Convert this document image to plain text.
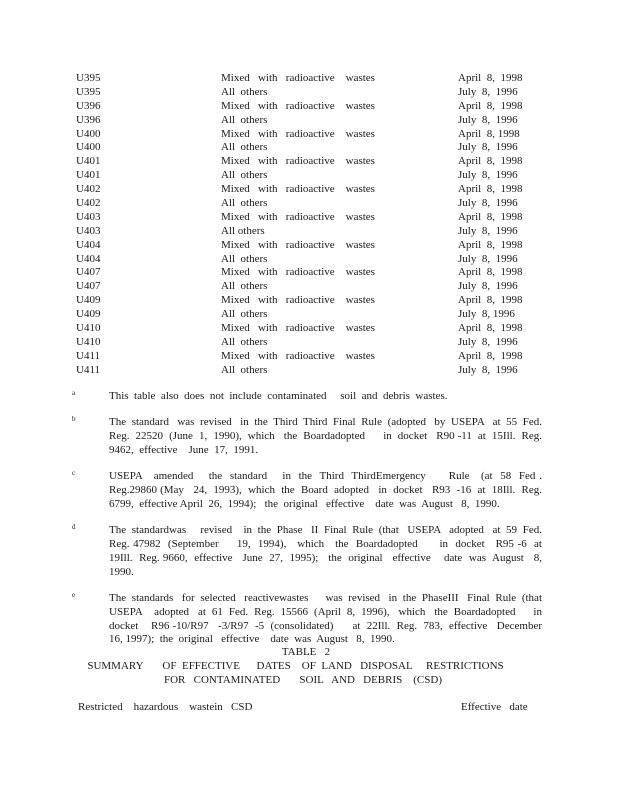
U395	Mixed   with   radioactive    wastes	April  8,  1998
U395	All  others	July  8,  1996
U396	Mixed   with   radioactive    wastes	April  8,  1998
U396	All  others	July  8,  1996
U400	Mixed   with   radioactive    wastes	April  8, 1998
U400	All  others	July  8,  1996
U401	Mixed   with   radioactive    wastes	April  8,  1998
U401	All  others	July  8,  1996
U402	Mixed   with   radioactive    wastes	April  8,  1998
U402	All  others	July  8,  1996
U403	Mixed   with   radioactive    wastes	April  8,  1998
U403	All others	July  8,  1996
U404	Mixed   with   radioactive    wastes	April  8,  1998
U404	All  others	July  8,  1996
U407	Mixed   with   radioactive    wastes	April  8,  1998
U407	All  others	July  8,  1996
U409	Mixed   with   radioactive    wastes	April  8,  1998
U409	All  others	July  8, 1996
U410	Mixed   with   radioactive    wastes	April  8,  1998
U410	All  others	July  8,  1996
U411	Mixed   with   radioactive    wastes	April  8,  1998
U411	All  others	July  8,  1996
a	This  table  also  does  not  include  contaminated     soil  and  debris  wastes.
b	The  standard   was  revised   in  the  Third  Third  Final  Rule  (adopted   by  USEPA   at  55  Fed. Reg.  22520  (June  1,  1990),  which   the  Boardadopted      in  docket   R90 -11  at  15Ill.  Reg. 9462,  effective    June  17,  1991.
c	USEPA   amended    the  standard    in  the  Third  ThirdEmergency      Rule   (at  58  Fed . Reg.29860 (May   24,  1993),  which  the  Board  adopted   in  docket   R93  -16  at  18Ill.  Reg.  6799,  effective April  26,  1994);   the  original   effective    date  was  August   8,  1990.
d	The  standardwas     revised    in  the  Phase   II  Final  Rule  (that   USEPA   adopted   at  59  Fed.  Reg. 47982  (September     19,  1994),   which   the  Boardadopted      in  docket   R95 -6  at  19Ill.  Reg. 9660,  effective   June  27,  1995);   the  original   effective    date  was  August   8,  1990.
e	The  standards   for  selected   reactivewastes      was  revised   in  the  PhaseIII   Final  Rule  (that USEPA    adopted   at  61  Fed.  Reg.  15566  (April  8,  1996),   which   the  Boardadopted      in docket    R96 -10/R97   -3/R97  -5  (consolidated)      at  22Ill.  Reg.  783,  effective   December      16, 1997);  the  original   effective    date  was  August   8,  1990.
TABLE   2
SUMMARY       OF  EFFECTIVE      DATES    OF  LAND   DISPOSAL     RESTRICTIONS
FOR   CONTAMINATED       SOIL   AND   DEBRIS    (CSD)
Restricted    hazardous    wastein   CSD	Effective   date
